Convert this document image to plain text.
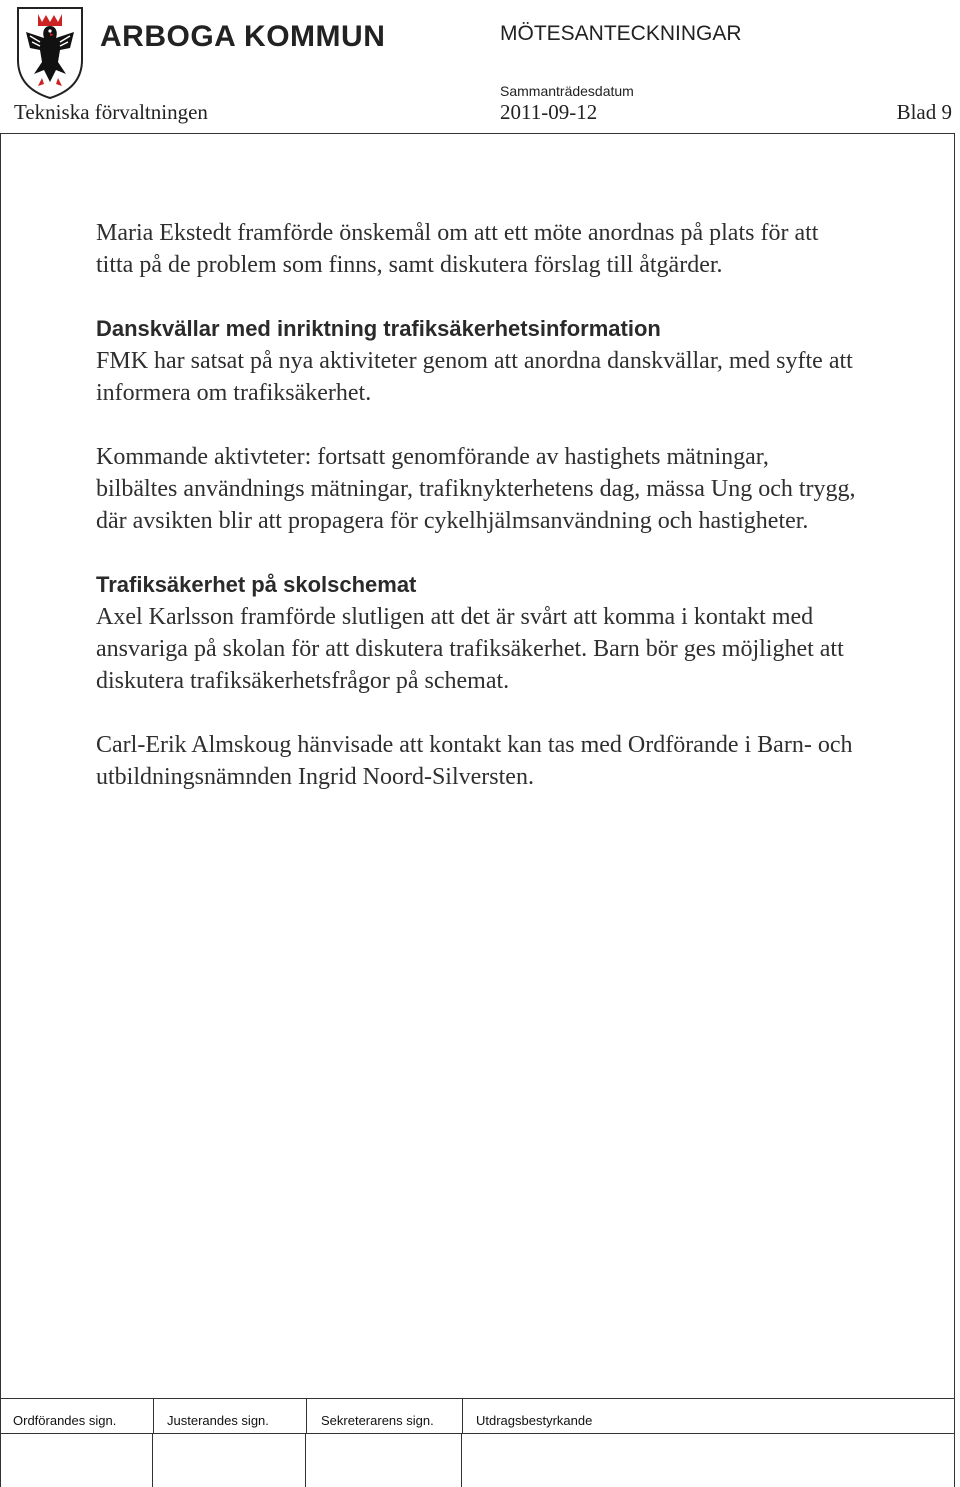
ARBOGA KOMMUN	MÖTESANTECKNINGAR
Sammanträdesdatum
Tekniska förvaltningen	2011-09-12	Blad 9

Maria Ekstedt framförde önskemål om att ett möte anordnas på plats för att titta på de problem som finns, samt diskutera förslag till åtgärder.

Danskvällar med inriktning trafiksäkerhetsinformation

FMK har satsat på nya aktiviteter genom att anordna danskvällar, med syfte att informera om trafiksäkerhet.

Kommande aktivteter: fortsatt genomförande av hastighets mätningar, bilbältes användnings mätningar, trafiknykterhetens dag, mässa Ung och trygg, där avsikten blir att propagera för cykelhjälmsanvändning och hastigheter.

Trafiksäkerhet på skolschemat

Axel Karlsson framförde slutligen att det är svårt att komma i kontakt med ansvariga på skolan för att diskutera trafiksäkerhet. Barn bör ges möjlighet att diskutera trafiksäkerhetsfrågor på schemat.

Carl-Erik Almskoug hänvisade att kontakt kan tas med Ordförande i Barn- och utbildningsnämnden Ingrid Noord-Silversten.

Ordförandes sign.	Justerandes sign.	Sekreterarens sign.	Utdragsbestyrkande
